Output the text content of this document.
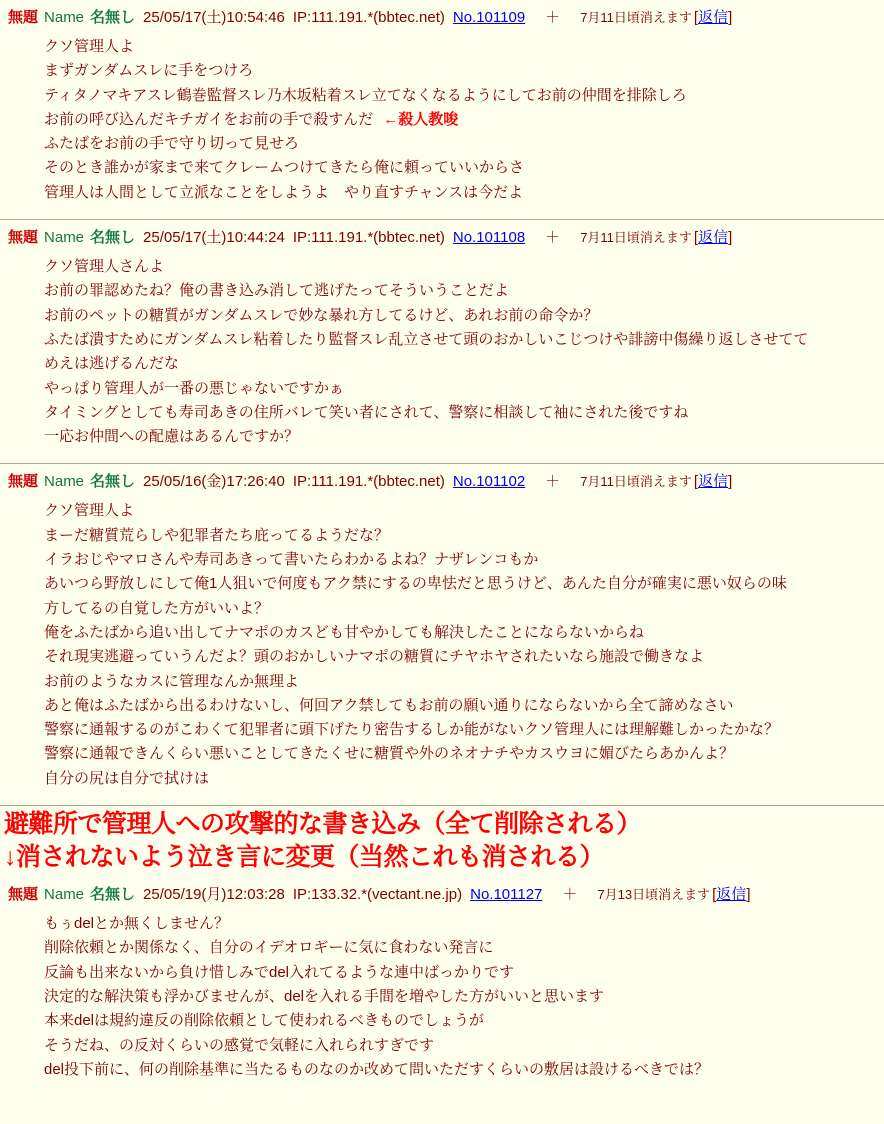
無題 Name 名無し 25/05/17(土)10:54:46 IP:111.191.*(bbtec.net) No.101109	＋	7月11日頃消えます [返信]
クソ管理人よ
まずガンダムスレに手をつけろ
ティタノマキアスレ鶴巻監督スレ乃木坂粘着スレ立てなくなるようにしてお前の仲間を排除しろ
お前の呼び込んだキチガイをお前の手で殺すんだ ←殺人教唆
ふたばをお前の手で守り切って見せろ
そのとき誰かが家まで来てクレームつけてきたら俺に頼っていいからさ
管理人は人間として立派なことをしようよ　やり直すチャンスは今だよ
無題 Name 名無し 25/05/17(土)10:44:24 IP:111.191.*(bbtec.net) No.101108	＋	7月11日頃消えます [返信]
クソ管理人さんよ
お前の罪認めたね？俺の書き込み消して逃げたってそういうことだよ
お前のペットの糖質がガンダムスレで妙な暴れ方してるけど、あれお前の命令か？
ふたば潰すためにガンダムスレ粘着したり監督スレ乱立させて頭のおかしいこじつけや誹謗中傷繰り返しさせてて
めえは逃げるんだな
やっぱり管理人が一番の悪じゃないですかぁ
タイミングとしても寿司あきの住所バレて笑い者にされて、警察に相談して袖にされた後ですね
一応お仲間への配慮はあるんですか？
無題 Name 名無し 25/05/16(金)17:26:40 IP:111.191.*(bbtec.net) No.101102	＋	7月11日頃消えます [返信]
クソ管理人よ
まーだ糖質荒らしや犯罪者たち庇ってるようだな？
イラおじやマロさんや寿司あきって書いたらわかるよね？ナザレンコもか
あいつら野放しにして俺1人狙いで何度もアク禁にするの卑怯だと思うけど、あんた自分が確実に悪い奴らの味
方してるの自覚した方がいいよ？
俺をふたばから追い出してナマポのカスども甘やかしても解決したことにならないからね
それ現実逃避っていうんだよ？頭のおかしいナマポの糖質にチヤホヤされたいなら施設で働きなよ
お前のようなカスに管理なんか無理よ
あと俺はふたばから出るわけないし、何回アク禁してもお前の願い通りにならないから全て諦めなさい
警察に通報するのがこわくて犯罪者に頭下げたり密告するしか能がないクソ管理人には理解難しかったかな？
警察に通報できんくらい悪いことしてきたくせに糖質や外のネオナチやカスウヨに媚びたらあかんよ？
自分の尻は自分で拭けは
避難所で管理人への攻撃的な書き込み（全て削除される）
↓消されないよう泣き言に変更（当然これも消される）
無題 Name 名無し 25/05/19(月)12:03:28 IP:133.32.*(vectant.ne.jp) No.101127	＋	7月13日頃消えます [返信]
もぅdelとか無くしません？
削除依頼とか関係なく、自分のイデオロギーに気に食わない発言に
反論も出来ないから負け惜しみでdel入れてるような連中ばっかりです
決定的な解決策も浮かびませんが、delを入れる手間を増やした方がいいと思います
本来delは規約違反の削除依頼として使われるべきものでしょうが
そうだね、の反対くらいの感覚で気軽に入れられすぎです
del投下前に、何の削除基準に当たるものなのか改めて問いただすくらいの敷居は設けるべきでは？
